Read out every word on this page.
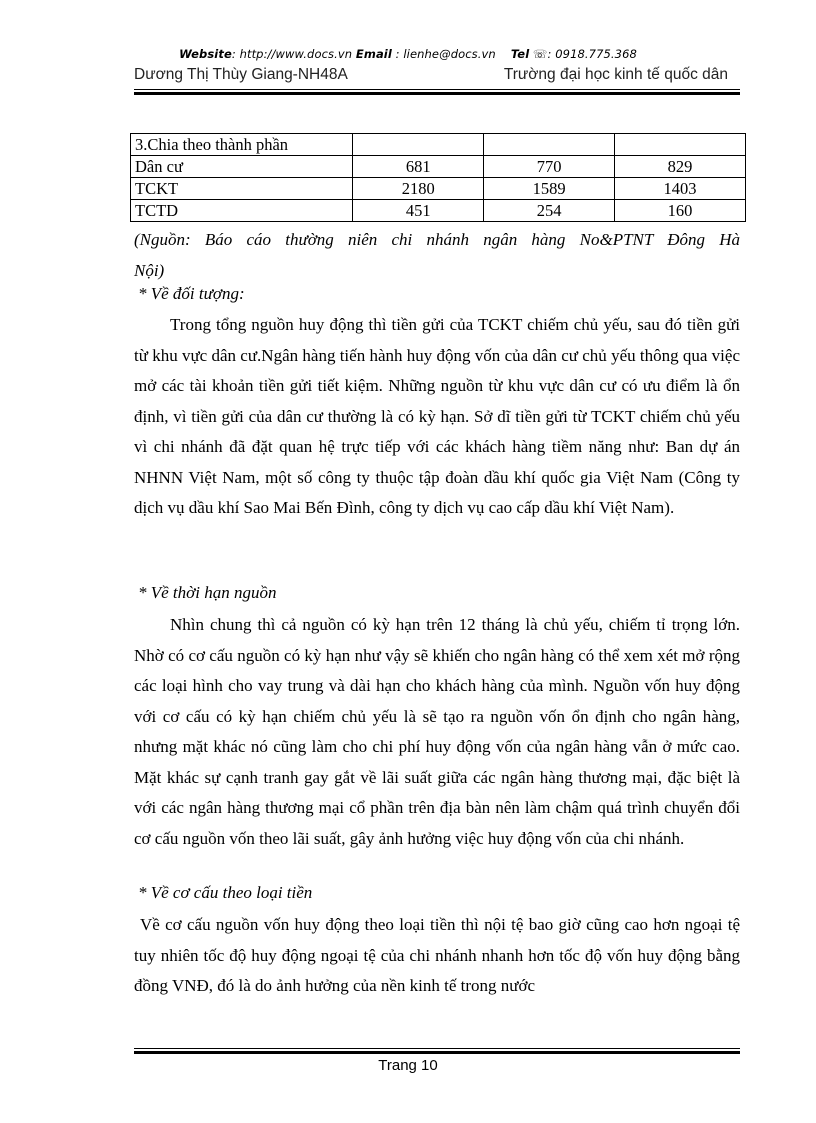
Website: http://www.docs.vn Email : lienhe@docs.vn Tel ☏: 0918.775.368
Dương Thị Thùy Giang-NH48A	Trường đại học kinh tế quốc dân
3.Chia theo thành phần			
Dân cư	681	770	829
TCKT	2180	1589	1403
TCTD	451	254	160
(Nguồn: Báo cáo thường niên chi nhánh ngân hàng No&PTNT Đông Hà
Nội)
* Về đối tượng:
Trong tổng nguồn huy động thì tiền gửi của TCKT chiếm chủ yếu, sau đó tiền gửi từ khu vực dân cư.Ngân hàng tiến hành huy động vốn của dân cư chủ yếu thông qua việc mở các tài khoản tiền gửi tiết kiệm. Những nguồn từ khu vực dân cư có ưu điểm là ổn định, vì tiền gửi của dân cư thường là có kỳ hạn. Sở dĩ tiền gửi từ TCKT chiếm chủ yếu vì chi nhánh đã đặt quan hệ trực tiếp với các khách hàng tiềm năng như: Ban dự án NHNN Việt Nam, một số công ty thuộc tập đoàn dầu khí quốc gia Việt Nam (Công ty dịch vụ dầu khí Sao Mai Bến Đình, công ty dịch vụ cao cấp dầu khí Việt Nam).
* Về thời hạn nguồn
Nhìn chung thì cả nguồn có kỳ hạn trên 12 tháng là chủ yếu, chiếm tỉ trọng lớn. Nhờ có cơ cấu nguồn có kỳ hạn như vậy sẽ khiến cho ngân hàng có thể xem xét mở rộng các loại hình cho vay trung và dài hạn cho khách hàng của mình. Nguồn vốn huy động với cơ cấu có kỳ hạn chiếm chủ yếu là sẽ tạo ra nguồn vốn ổn định cho ngân hàng, nhưng mặt khác nó cũng làm cho chi phí huy động vốn của ngân hàng vẫn ở mức cao. Mặt khác sự cạnh tranh gay gắt về lãi suất giữa các ngân hàng thương mại, đặc biệt là với các ngân hàng thương mại cổ phần trên địa bàn nên làm chậm quá trình chuyển đổi cơ cấu nguồn vốn theo lãi suất, gây ảnh hưởng việc huy động vốn của chi nhánh.
* Về cơ cấu theo loại tiền
Về cơ cấu nguồn vốn huy động theo loại tiền thì nội tệ bao giờ cũng cao hơn ngoại tệ tuy nhiên tốc độ huy động ngoại tệ của chi nhánh nhanh hơn tốc độ vốn huy động bằng đồng VNĐ, đó là do ảnh hưởng của nền kinh tế trong nước
Trang 10
